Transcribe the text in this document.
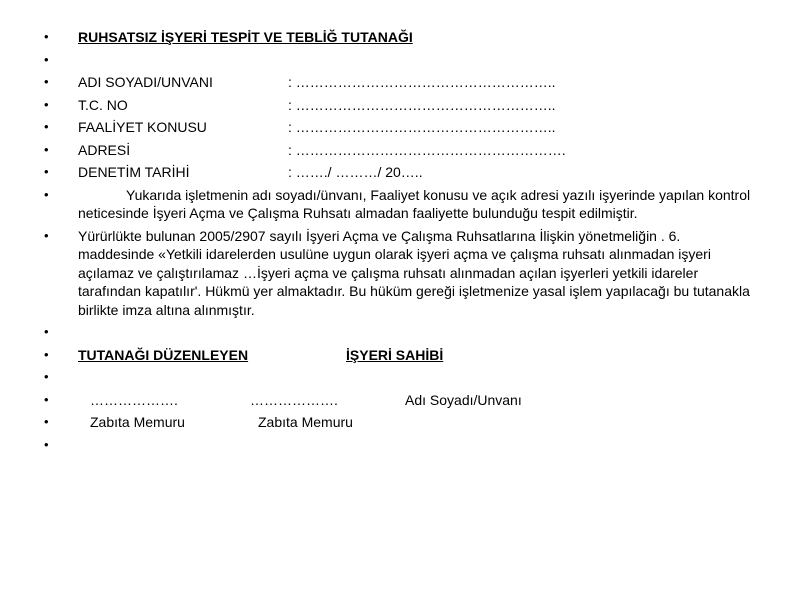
• RUHSATSIZ İŞYERİ TESPİT VE TEBLİĞ TUTANAĞI
•

• ADI SOYADI/UNVANI	: ………………………………………………..
• T.C. NO	: ………………………………………………..
• FAALİYET KONUSU	: ………………………………………………..
• ADRESİ	: ………………………………………………….
• DENETİM TARİHİ	: ……./ ………/ 20…..
•	Yukarıda işletmenin adı soyadı/ünvanı, Faaliyet konusu ve açık adresi yazılı işyerinde yapılan kontrol neticesinde İşyeri Açma ve Çalışma Ruhsatı almadan faaliyette bulunduğu tespit edilmiştir.
• Yürürlükte bulunan 2005/2907 sayılı İşyeri Açma ve Çalışma Ruhsatlarına İlişkin yönetmeliğin . 6. maddesinde «Yetkili idarelerden usulüne uygun olarak işyeri açma ve çalışma ruhsatı alınmadan işyeri açılamaz ve çalıştırılamaz …İşyeri açma ve çalışma ruhsatı alınmadan açılan işyerleri yetkili idareler tarafından kapatılır'. Hükmü yer almaktadır. Bu hüküm gereği işletmenize yasal işlem yapılacağı bu tutanakla birlikte imza altına alınmıştır.
•

• TUTANAĞI DÜZENLEYEN	İŞYERİ SAHİBİ
•

•	……………….	……………….	Adı Soyadı/Unvanı
•	Zabıta Memuru	Zabıta Memuru
•
